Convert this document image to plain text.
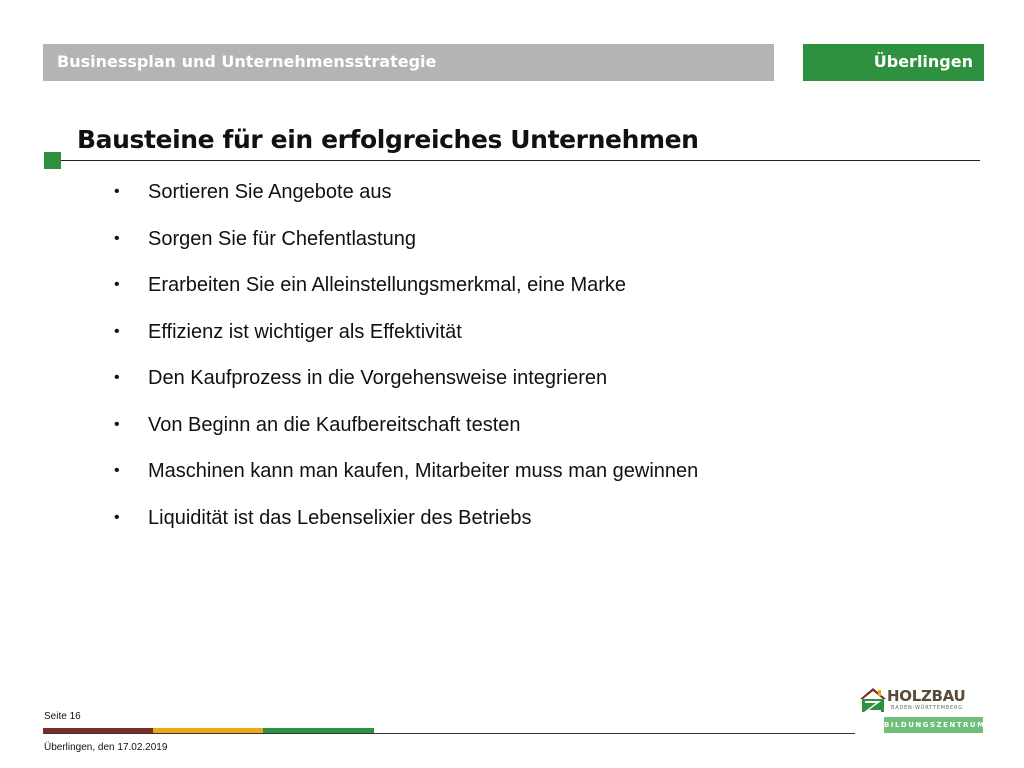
Businessplan und Unternehmensstrategie	Überlingen
Bausteine für ein erfolgreiches Unternehmen
•	Sortieren Sie Angebote aus
•	Sorgen Sie für Chefentlastung
•	Erarbeiten Sie ein Alleinstellungsmerkmal, eine Marke
•	Effizienz ist wichtiger als Effektivität
•	Den Kaufprozess in die Vorgehensweise integrieren
•	Von Beginn an die Kaufbereitschaft testen
•	Maschinen kann man kaufen, Mitarbeiter muss man gewinnen
•	Liquidität ist das Lebenselixier des Betriebs
Seite 16
Überlingen, den 17.02.2019
HOLZBAU
BADEN-WÜRTTEMBERG
BILDUNGSZENTRUM
